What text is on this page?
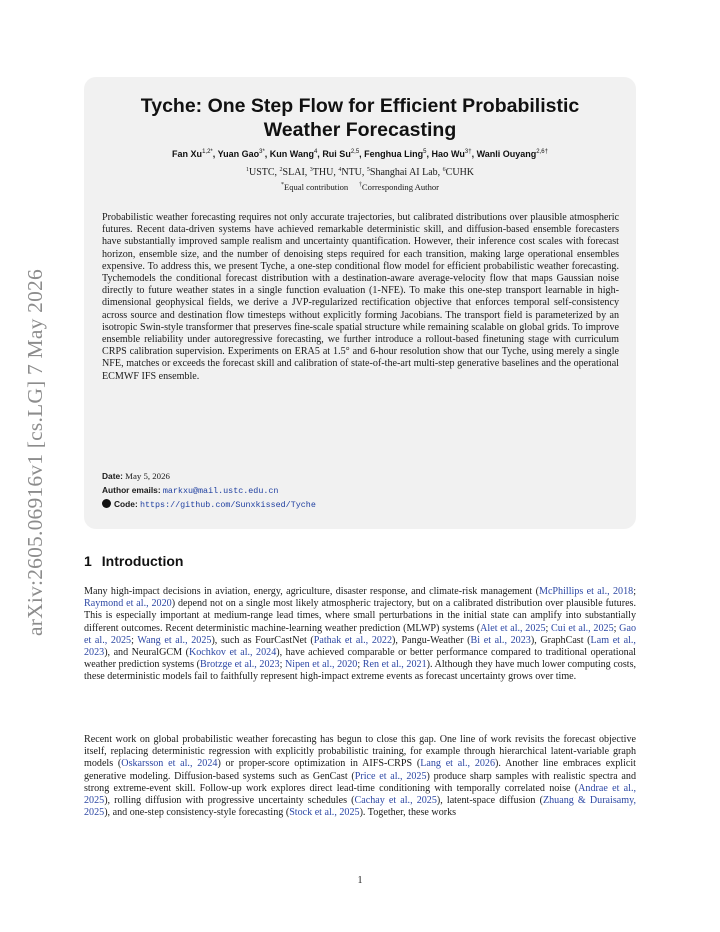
arXiv:2605.06916v1 [cs.LG] 7 May 2026
Tyche: One Step Flow for Efficient Probabilistic
Weather Forecasting
Fan $Xu^{1,2*}$, Yuan Gao$^{3*}$, Kun Wang$^4$, Rui Su$^{2,5}$, Fenghua Ling$^5$, Hao $Wu^{3\dagger}$, Wanli Ouyang$^{2,6\dagger}$
$^1$USTC, $^2$SLAI, $^3$THU, $^4$NTU, $^5$Shanghai AI Lab, $^6$CUHK
*Equal contribution †Corresponding Author

Probabilistic weather forecasting requires not only accurate trajectories, but calibrated distributions over plausible atmospheric futures. Recent data-driven systems have achieved remarkable deterministic skill, and diffusion-based ensemble forecasters have substantially improved sample realism and uncertainty quantification. However, their inference cost scales with forecast horizon, ensemble size, and the number of denoising steps required for each transition, making large operational ensembles expensive. To address this, we present Tyche, a one-step conditional flow model for efficient probabilistic weather forecasting. Tychemodels the conditional forecast distribution with a destination-aware average-velocity flow that maps Gaussian noise directly to future weather states in a single function evaluation (1-NFE). To make this one-step transport learnable in high-dimensional geophysical fields, we derive a JVP-regularized rectification objective that enforces temporal self-consistency across source and destination flow timesteps without explicitly forming Jacobians. The transport field is parameterized by an isotropic Swin-style transformer that preserves fine-scale spatial structure while remaining scalable on global grids. To improve ensemble reliability under autoregressive forecasting, we further introduce a rollout-based finetuning stage with curriculum CRPS calibration supervision. Experiments on ERA5 at 1.5° and 6-hour resolution show that our Tyche, using merely a single NFE, matches or exceeds the forecast skill and calibration of state-of-the-art multi-step generative baselines and the operational ECMWF IFS ensemble.

Date: May 5, 2026
Author emails: markxu@mail.ustc.edu.cn
Code: https://github.com/Sunxkissed/Tyche
1 Introduction

Many high-impact decisions in aviation, energy, agriculture, disaster response, and climate-risk management (McPhillips et al., 2018; Raymond et al., 2020) depend not on a single most likely atmospheric trajectory, but on a calibrated distribution over plausible futures. This is especially important at medium-range lead times, where small perturbations in the initial state can amplify into substantially different outcomes. Recent deterministic machine-learning weather prediction (MLWP) systems (Alet et al., 2025; Cui et al., 2025; Gao et al., 2025; Wang et al., 2025), such as FourCastNet (Pathak et al., 2022), Pangu-Weather (Bi et al., 2023), GraphCast (Lam et al., 2023), and NeuralGCM (Kochkov et al., 2024), have achieved comparable or better performance compared to traditional operational weather prediction systems (Brotzge et al., 2023; Nipen et al., 2020; Ren et al., 2021). Although they have much lower computing costs, these deterministic models fail to faithfully represent high-impact extreme events as forecast uncertainty grows over time.

Recent work on global probabilistic weather forecasting has begun to close this gap. One line of work revisits the forecast objective itself, replacing deterministic regression with explicitly probabilistic training, for example through hierarchical latent-variable graph models (Oskarsson et al., 2024) or proper-score optimization in AIFS-CRPS (Lang et al., 2026). Another line embraces explicit generative modeling. Diffusion-based systems such as GenCast (Price et al., 2025) produce sharp samples with realistic spectra and strong extreme-event skill. Follow-up work explores direct lead-time conditioning with temporally correlated noise (Andrae et al., 2025), rolling diffusion with progressive uncertainty schedules (Cachay et al., 2025), latent-space diffusion (Zhuang & Duraisamy, 2025), and one-step consistency-style forecasting (Stock et al., 2025). Together, these works

1
